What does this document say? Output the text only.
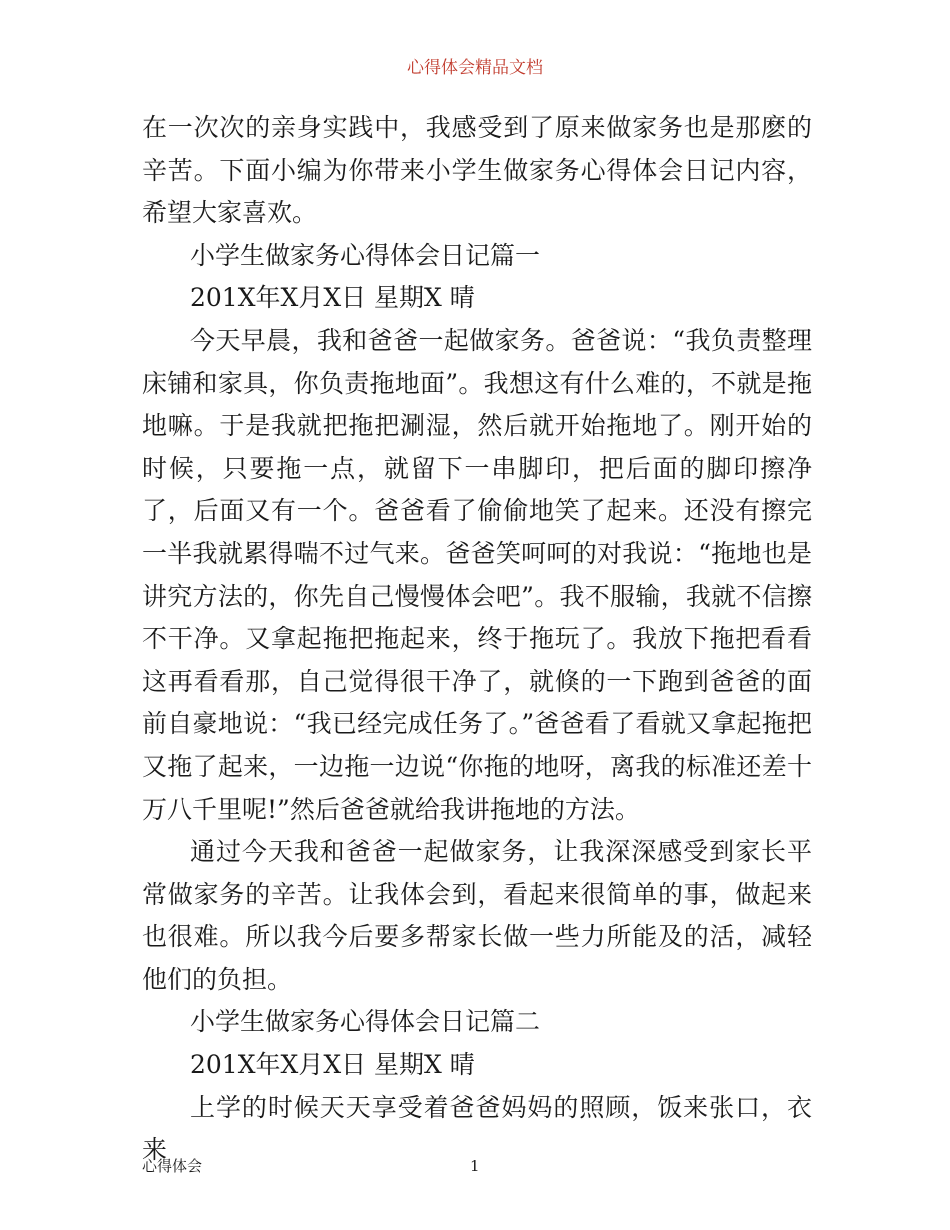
心得体会精品文档

在一次次的亲身实践中，我感受到了原来做家务也是那麽的辛苦。下面小编为你带来小学生做家务心得体会日记内容，希望大家喜欢。

小学生做家务心得体会日记篇一

201X年X月X日 星期X 晴

今天早晨，我和爸爸一起做家务。爸爸说：“我负责整理床铺和家具，你负责拖地面”。我想这有什么难的，不就是拖地嘛。于是我就把拖把涮湿，然后就开始拖地了。刚开始的时候，只要拖一点，就留下一串脚印，把后面的脚印擦净了，后面又有一个。爸爸看了偷偷地笑了起来。还没有擦完一半我就累得喘不过气来。爸爸笑呵呵的对我说：“拖地也是讲究方法的，你先自己慢慢体会吧”。我不服输，我就不信擦不干净。又拿起拖把拖起来，终于拖玩了。我放下拖把看看这再看看那，自己觉得很干净了，就倏的一下跑到爸爸的面前自豪地说：“我已经完成任务了。”爸爸看了看就又拿起拖把又拖了起来，一边拖一边说“你拖的地呀，离我的标准还差十万八千里呢!”然后爸爸就给我讲拖地的方法。

通过今天我和爸爸一起做家务，让我深深感受到家长平常做家务的辛苦。让我体会到，看起来很简单的事，做起来也很难。所以我今后要多帮家长做一些力所能及的活，减轻他们的负担。

小学生做家务心得体会日记篇二

201X年X月X日 星期X 晴

上学的时候天天享受着爸爸妈妈的照顾，饭来张口，衣来

心得体会	1
